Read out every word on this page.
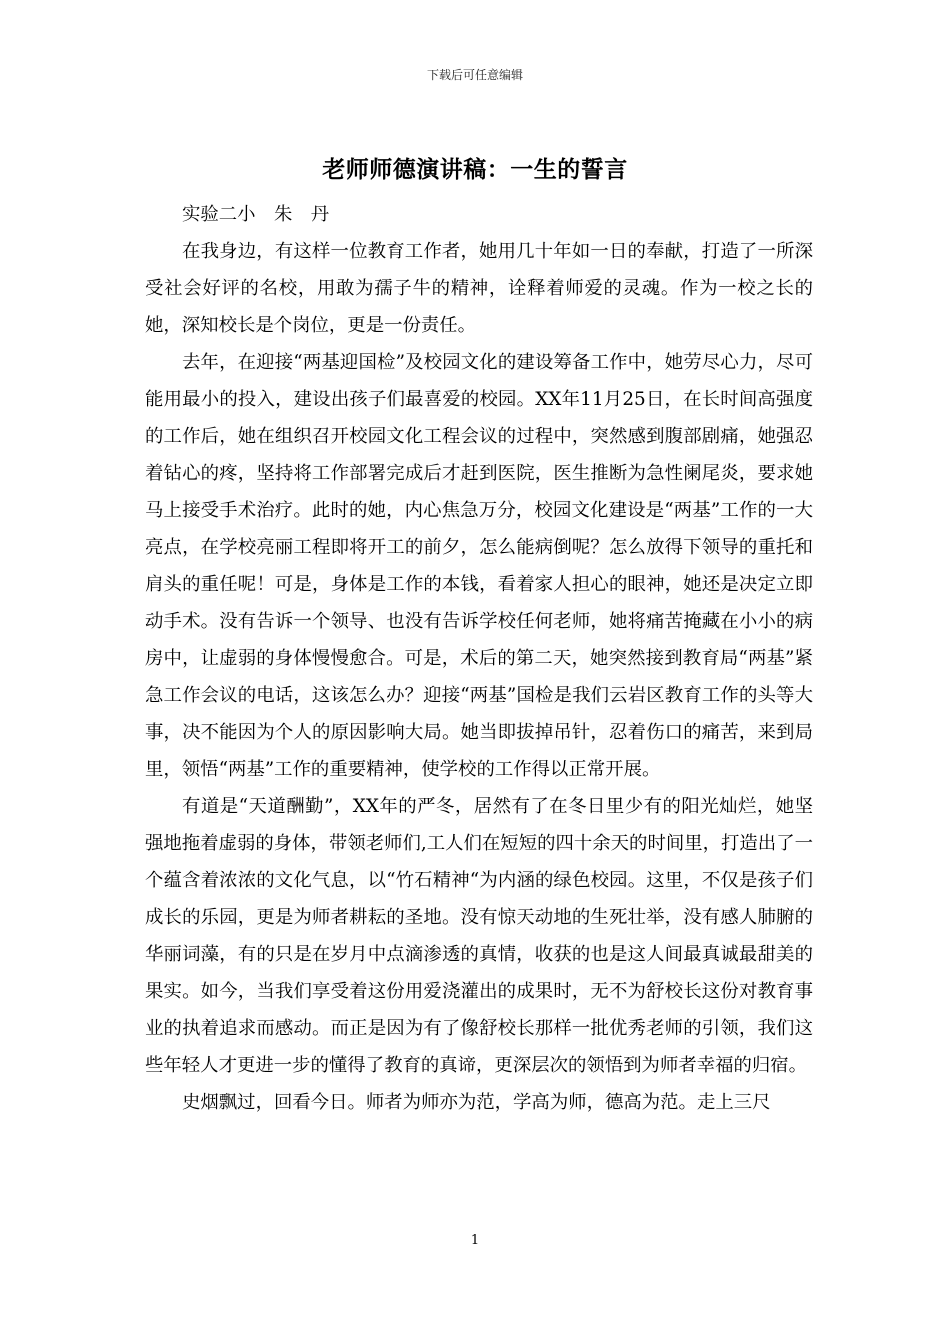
下载后可任意编辑
老师师德演讲稿：一生的誓言

实验二小　朱　丹

在我身边，有这样一位教育工作者，她用几十年如一日的奉献，打造了一所深受社会好评的名校，用敢为孺子牛的精神，诠释着师爱的灵魂。作为一校之长的她，深知校长是个岗位，更是一份责任。

去年，在迎接“两基迎国检”及校园文化的建设筹备工作中，她劳尽心力，尽可能用最小的投入，建设出孩子们最喜爱的校园。XX年11月25日，在长时间高强度的工作后，她在组织召开校园文化工程会议的过程中，突然感到腹部剧痛，她强忍着钻心的疼，坚持将工作部署完成后才赶到医院，医生推断为急性阑尾炎，要求她马上接受手术治疗。此时的她，内心焦急万分，校园文化建设是“两基”工作的一大亮点，在学校亮丽工程即将开工的前夕，怎么能病倒呢？怎么放得下领导的重托和肩头的重任呢！可是，身体是工作的本钱，看着家人担心的眼神，她还是决定立即动手术。没有告诉一个领导、也没有告诉学校任何老师，她将痛苦掩藏在小小的病房中，让虚弱的身体慢慢愈合。可是，术后的第二天，她突然接到教育局“两基”紧急工作会议的电话，这该怎么办？迎接“两基”国检是我们云岩区教育工作的头等大事，决不能因为个人的原因影响大局。她当即拔掉吊针，忍着伤口的痛苦，来到局里，领悟“两基”工作的重要精神，使学校的工作得以正常开展。

有道是“天道酬勤”，XX年的严冬，居然有了在冬日里少有的阳光灿烂，她坚强地拖着虚弱的身体，带领老师们,工人们在短短的四十余天的时间里，打造出了一个蕴含着浓浓的文化气息，以“竹石精神“为内涵的绿色校园。这里，不仅是孩子们成长的乐园，更是为师者耕耘的圣地。没有惊天动地的生死壮举，没有感人肺腑的华丽词藻，有的只是在岁月中点滴渗透的真情，收获的也是这人间最真诚最甜美的果实。如今，当我们享受着这份用爱浇灌出的成果时，无不为舒校长这份对教育事业的执着追求而感动。而正是因为有了像舒校长那样一批优秀老师的引领，我们这些年轻人才更进一步的懂得了教育的真谛，更深层次的领悟到为师者幸福的归宿。

史烟飘过，回看今日。师者为师亦为范，学高为师，德高为范。走上三尺

1
